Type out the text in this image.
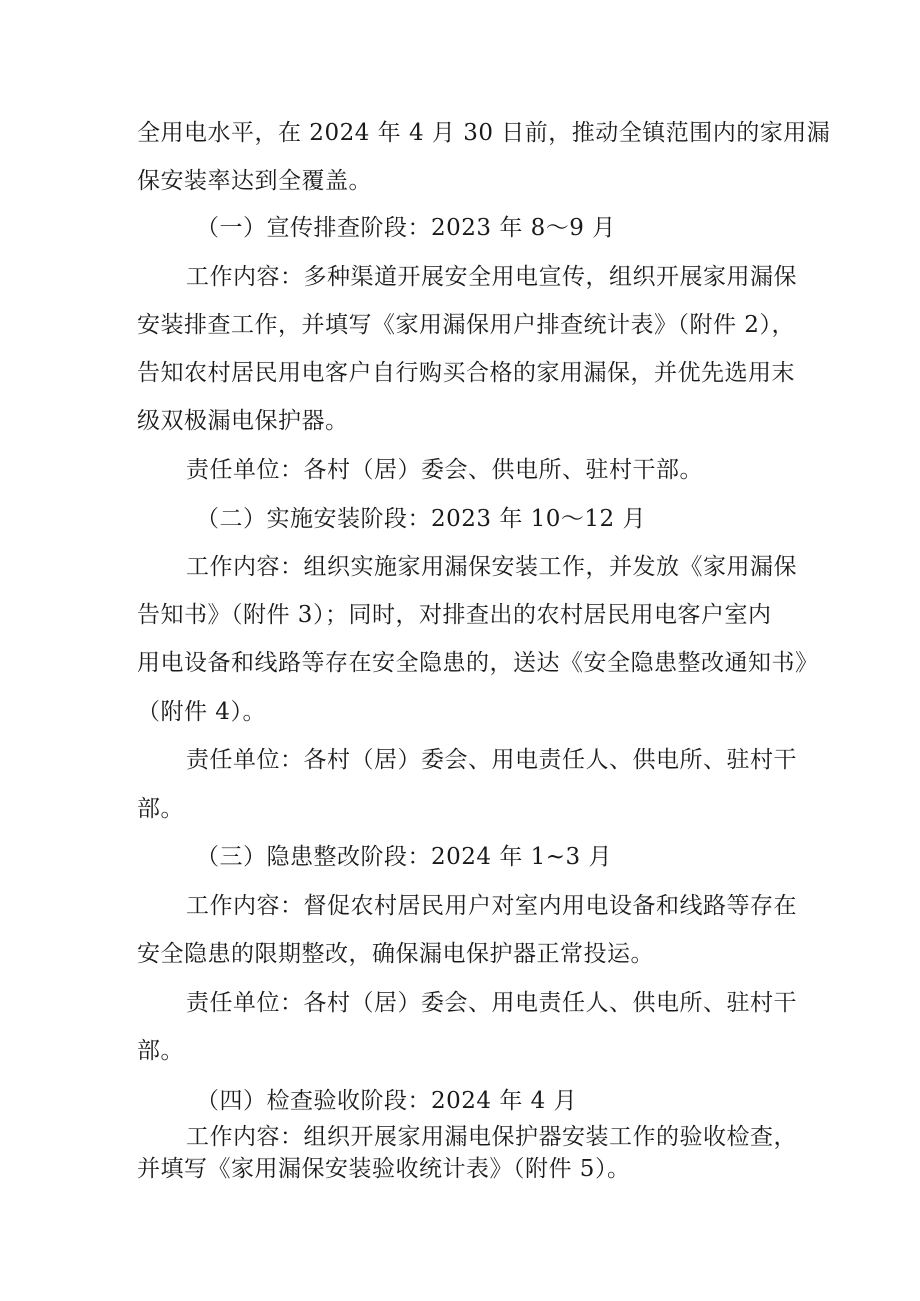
全用电水平，在 2024 年 4 月 30 日前，推动全镇范围内的家用漏
保安装率达到全覆盖。
（一）宣传排查阶段：2023 年 8～9 月
工作内容：多种渠道开展安全用电宣传，组织开展家用漏保
安装排查工作，并填写《家用漏保用户排查统计表》（附件 2），
告知农村居民用电客户自行购买合格的家用漏保，并优先选用末
级双极漏电保护器。
责任单位：各村（居）委会、供电所、驻村干部。
（二）实施安装阶段：2023 年 10～12 月
工作内容：组织实施家用漏保安装工作，并发放《家用漏保
告知书》（附件 3）；同时，对排查出的农村居民用电客户室内
用电设备和线路等存在安全隐患的，送达《安全隐患整改通知书》
（附件 4）。
责任单位：各村（居）委会、用电责任人、供电所、驻村干
部。
（三）隐患整改阶段：2024 年 1~3 月
工作内容：督促农村居民用户对室内用电设备和线路等存在
安全隐患的限期整改，确保漏电保护器正常投运。
责任单位：各村（居）委会、用电责任人、供电所、驻村干
部。
（四）检查验收阶段：2024 年 4 月
工作内容：组织开展家用漏电保护器安装工作的验收检查，
并填写《家用漏保安装验收统计表》（附件 5）。
